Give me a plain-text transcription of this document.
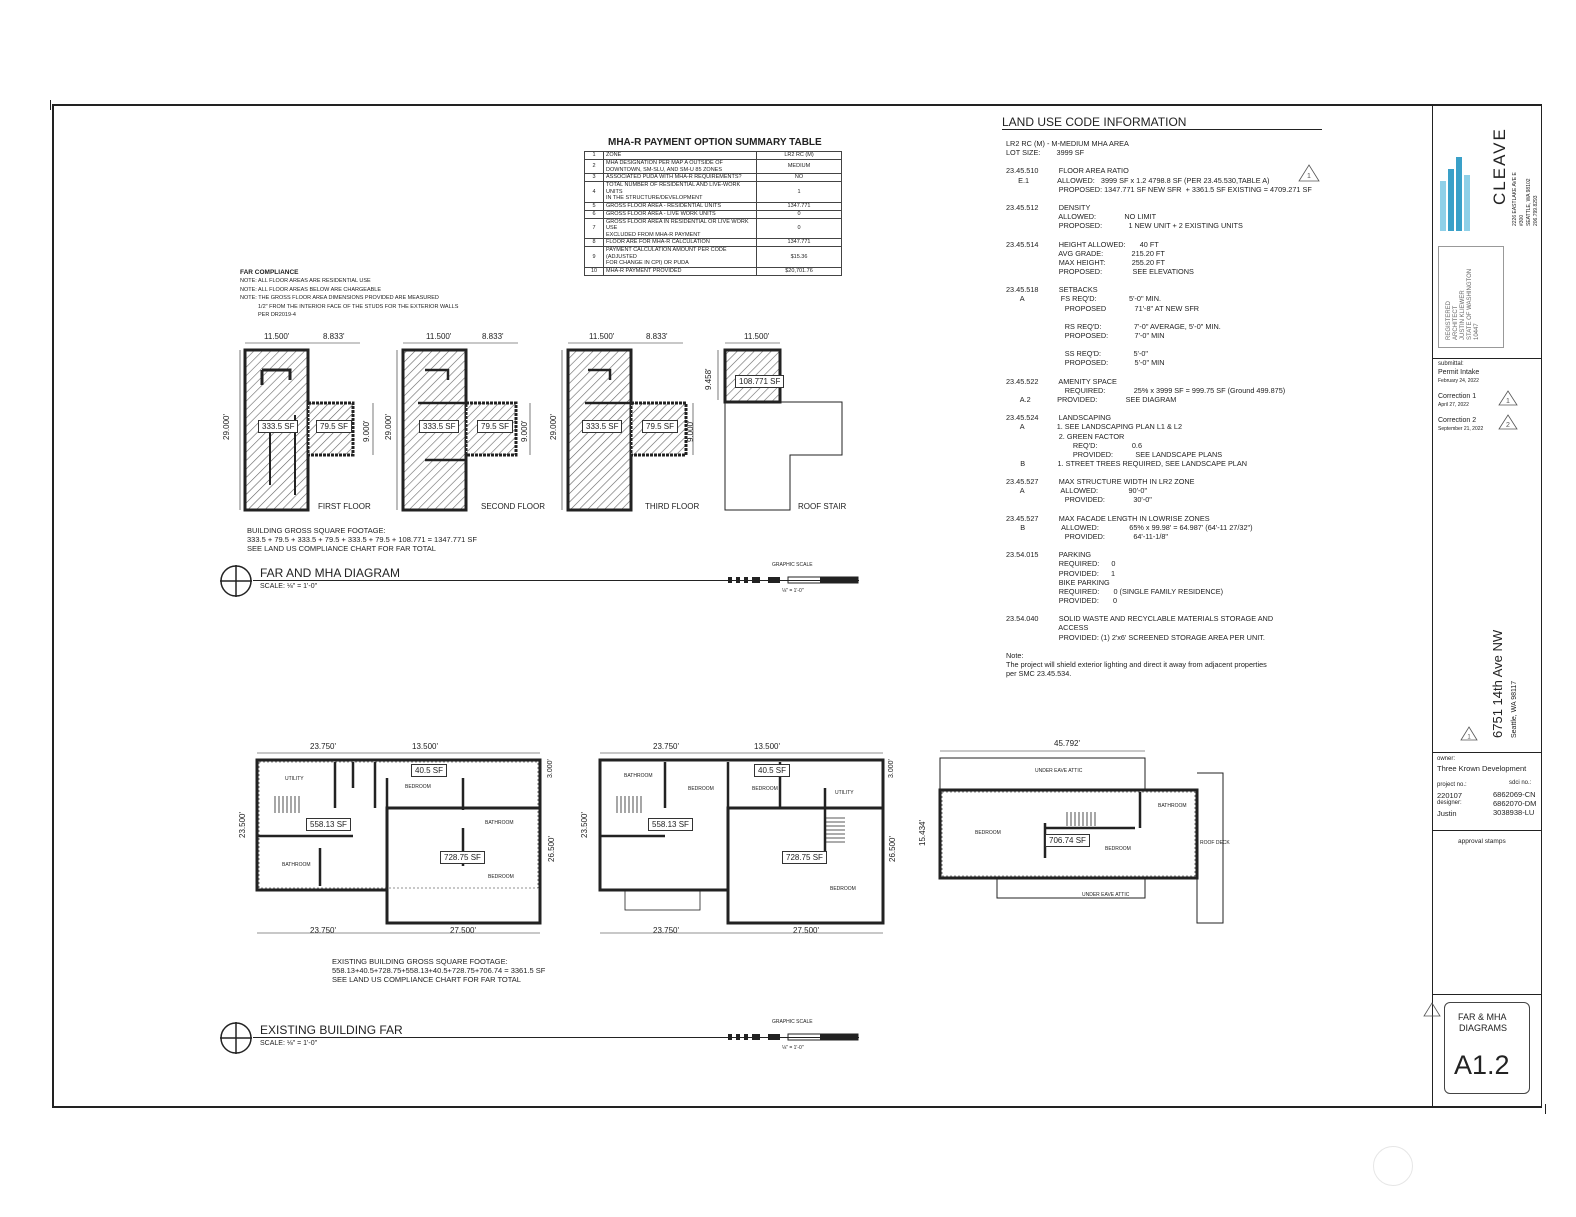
MHA-R PAYMENT OPTION SUMMARY TABLE
1	ZONE	LR2 RC (M)
2	MHA DESIGNATION PER MAP A OUTSIDE OF
DOWNTOWN, SM-SLU, AND SM-U 85 ZONES	MEDIUM
3	ASSOCIATED PUDA WITH MHA-R REQUIREMENTS?	NO
4	TOTAL NUMBER OF RESIDENTIAL AND LIVE-WORK UNITS
IN THE STRUCTURE/DEVELOPMENT	1
5	GROSS FLOOR AREA - RESIDENTIAL UNITS	1347.771
6	GROSS FLOOR AREA - LIVE WORK UNITS	0
7	GROSS FLOOR AREA IN RESIDENTIAL OR LIVE WORK USE
EXCLUDED FROM MHA-R PAYMENT	0
8	FLOOR ARE FOR MHA-R CALCULATION	1347.771
9	PAYMENT CALCULATION AMOUNT PER CODE (ADJUSTED
FOR CHANGE IN CPI) OR PUDA	$15.36
10	MHA-R PAYMENT PROVIDED	$20,701.76
FAR COMPLIANCE
NOTE: ALL FLOOR AREAS ARE RESIDENTIAL USE
NOTE: ALL FLOOR AREAS BELOW ARE CHARGEABLE
NOTE: THE GROSS FLOOR AREA DIMENSIONS PROVIDED ARE MEASURED
1/2" FROM THE INTERIOR FACE OF THE STUDS FOR THE EXTERIOR WALLS
PER DR2019-4
11.500'	8.833'
29.000'	9.000'
333.5 SF	79.5 SF
FIRST FLOOR
11.500'	8.833'
29.000'	9.000'
333.5 SF	79.5 SF
SECOND FLOOR
11.500'	8.833'
29.000'	9.000'
333.5 SF	79.5 SF
THIRD FLOOR
11.500'
9.458'	108.771 SF
ROOF STAIR
BUILDING GROSS SQUARE FOOTAGE:
333.5 + 79.5 + 333.5 + 79.5 + 333.5 + 79.5 + 108.771 = 1347.771 SF
SEE LAND US COMPLIANCE CHART FOR FAR TOTAL
FAR AND MHA DIAGRAM
SCALE: ⅛" = 1'-0"
GRAPHIC SCALE
⅛" = 1'-0"
23.750'	13.500'
23.500'
3.000'
26.500'
23.750'	27.500'
40.5 SF
558.13 SF
728.75 SF
UTILITY
BEDROOM
BATHROOM
BEDROOM
BATHROOM
23.750'	13.500'
23.500'
3.000'
26.500'
23.750'	27.500'
40.5 SF
558.13 SF
728.75 SF
BATHROOM
BEDROOM	BEDROOM
UTILITY
BEDROOM
45.792'
15.434'	706.74 SF
UNDER EAVE ATTIC
BEDROOM
BEDROOM
BATHROOM
ROOF DECK
UNDER EAVE ATTIC
EXISTING BUILDING GROSS SQUARE FOOTAGE:
558.13+40.5+728.75+558.13+40.5+728.75+706.74 = 3361.5 SF
SEE LAND US COMPLIANCE CHART FOR FAR TOTAL
EXISTING BUILDING FAR
SCALE: ⅛" = 1'-0"
GRAPHIC SCALE
⅛" = 1'-0"
LAND USE CODE INFORMATION
LR2 RC (M) - M-MEDIUM MHA AREA
LOT SIZE:        3999 SF
23.45.510          FLOOR AREA RATIO
E.1              ALLOWED:   3999 SF x 1.2 4798.8 SF (PER 23.45.530,TABLE A)
PROPOSED: 1347.771 SF NEW SFR  + 3361.5 SF EXISTING = 4709.271 SF
23.45.512          DENSITY
ALLOWED:              NO LIMIT
PROPOSED:             1 NEW UNIT + 2 EXISTING UNITS
23.45.514          HEIGHT ALLOWED:       40 FT
AVG GRADE:              215.20 FT
MAX HEIGHT:             255.20 FT
PROPOSED:               SEE ELEVATIONS
23.45.518          SETBACKS
A                  FS REQ'D:                5'-0" MIN.
PROPOSED              71'-8" AT NEW SFR
RS REQ'D:                7'-0" AVERAGE, 5'-0" MIN.
PROPOSED:             7'-0" MIN
SS REQ'D:                5'-0"
PROPOSED:             5'-0" MIN
23.45.522          AMENITY SPACE
REQUIRED:              25% x 3999 SF = 999.75 SF (Ground 499.875)
A.2             PROVIDED:              SEE DIAGRAM
23.45.524          LANDSCAPING
A                1. SEE LANDSCAPING PLAN L1 & L2
2. GREEN FACTOR
REQ'D:                 0.6
PROVIDED:           SEE LANDSCAPE PLANS
B                1. STREET TREES REQUIRED, SEE LANDSCAPE PLAN
23.45.527          MAX STRUCTURE WIDTH IN LR2 ZONE
A                  ALLOWED:               90'-0"
PROVIDED:              30'-0"
23.45.527          MAX FACADE LENGTH IN LOWRISE ZONES
B                  ALLOWED:               65% x 99.98' = 64.987' (64'-11 27/32")
PROVIDED:              64'-11-1/8"
23.54.015          PARKING
REQUIRED:      0
PROVIDED:      1
BIKE PARKING
REQUIRED:       0 (SINGLE FAMILY RESIDENCE)
PROVIDED:       0
23.54.040          SOLID WASTE AND RECYCLABLE MATERIALS STORAGE AND
ACCESS
PROVIDED: (1) 2'x6' SCREENED STORAGE AREA PER UNIT.
Note:
The project will shield exterior lighting and direct it away from adjacent properties
per SMC 23.45.534.
1	CLEAVE 2226 EASTLAKE AVE E #300 SEATTLE, WA 98102 206.799.8293
REGISTERED ARCHITECT JUSTIN KLIEWER STATE OF WASHINGTON 10447
submittal:
Permit Intake
February 24, 2022
Correction 1
April 27, 2022
Correction 2
September 21, 2022
1
2
6751 14th Ave NW Seattle, WA 98117
1
owner:
Three Krown Development
project no.:	sdci no.:
220107	6862069-CN
designer:	6862070-DM
Justin	3038938-LU
approval stamps
FAR & MHA
DIAGRAMS
A1.2
